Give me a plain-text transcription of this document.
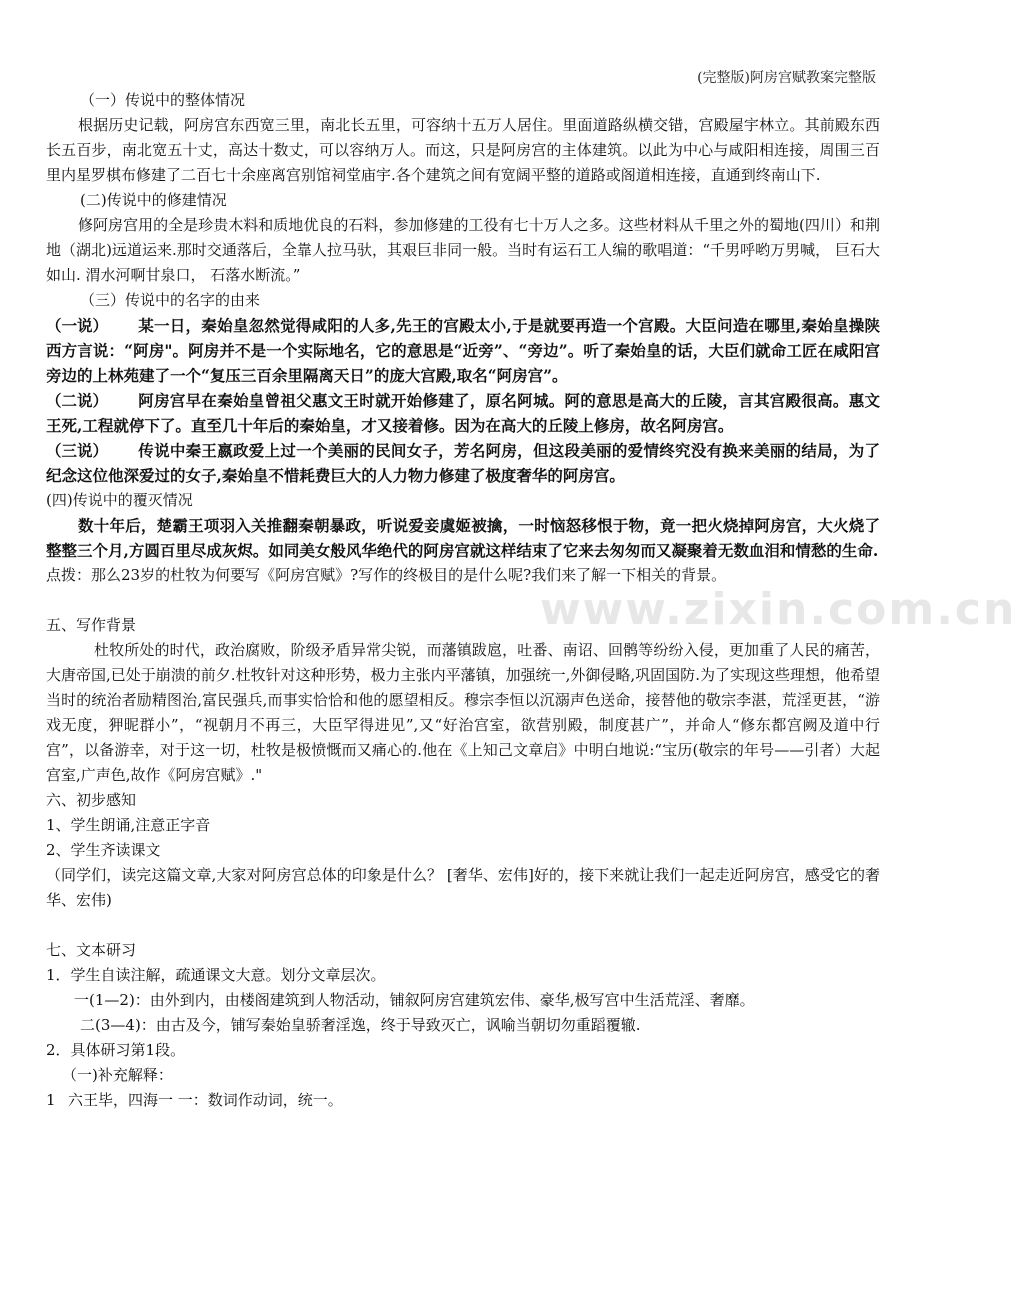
(完整版)阿房宫赋教案完整版
www.zixin.com.cn

（一）传说中的整体情况

根据历史记载，阿房宫东西宽三里，南北长五里，可容纳十五万人居住。里面道路纵横交错，宫殿屋宇林立。其前殿东西长五百步，南北宽五十丈，高达十数丈，可以容纳万人。而这，只是阿房宫的主体建筑。以此为中心与咸阳相连接，周围三百里内星罗棋布修建了二百七十余座离宫别馆祠堂庙宇.各个建筑之间有宽阔平整的道路或阁道相连接，直通到终南山下.

(二)传说中的修建情况

修阿房宫用的全是珍贵木料和质地优良的石料，参加修建的工役有七十万人之多。这些材料从千里之外的蜀地(四川）和荆地（湖北)远道运来.那时交通落后，全靠人拉马驮，其艰巨非同一般。当时有运石工人编的歌唱道：“千男呼哟万男喊， 巨石大如山. 渭水河啊甘泉口， 石落水断流。”

（三）传说中的名字的由来

（一说） 某一日，秦始皇忽然觉得咸阳的人多,先王的宫殿太小,于是就要再造一个宫殿。大臣问造在哪里,秦始皇操陕西方言说：“阿房"。阿房并不是一个实际地名，它的意思是“近旁”、“旁边”。听了秦始皇的话，大臣们就命工匠在咸阳宫旁边的上林苑建了一个“复压三百余里隔离天日”的庞大宫殿,取名“阿房宫”。

（二说） 阿房宫早在秦始皇曾祖父惠文王时就开始修建了，原名阿城。阿的意思是高大的丘陵，言其宫殿很高。惠文王死,工程就停下了。直至几十年后的秦始皇，才又接着修。因为在高大的丘陵上修房，故名阿房宫。

（三说） 传说中秦王嬴政爱上过一个美丽的民间女子，芳名阿房，但这段美丽的爱情终究没有换来美丽的结局，为了纪念这位他深爱过的女子,秦始皇不惜耗费巨大的人力物力修建了极度奢华的阿房宫。

(四)传说中的覆灭情况

数十年后，楚霸王项羽入关推翻秦朝暴政，听说爱妾虞姬被擒，一时恼怒移恨于物，竟一把火烧掉阿房宫，大火烧了整整三个月,方圆百里尽成灰烬。如同美女般风华绝代的阿房宫就这样结束了它来去匆匆而又凝聚着无数血泪和情愁的生命.

点拨：那么23岁的杜牧为何要写《阿房宫赋》?写作的终极目的是什么呢?我们来了解一下相关的背景。

五、写作背景

杜牧所处的时代，政治腐败，阶级矛盾异常尖锐，而藩镇跋扈，吐番、南诏、回鹘等纷纷入侵，更加重了人民的痛苦，大唐帝国,已处于崩溃的前夕.杜牧针对这种形势，极力主张内平藩镇，加强统一,外御侵略,巩固国防.为了实现这些理想，他希望当时的统治者励精图治,富民强兵,而事实恰恰和他的愿望相反。穆宗李恒以沉溺声色送命，接替他的敬宗李湛，荒淫更甚，“游戏无度，狎昵群小”，“视朝月不再三，大臣罕得进见”,又“好治宫室，欲营别殿，制度甚广”，并命人“修东都宫阙及道中行宫”，以备游幸，对于这一切，杜牧是极愤慨而又痛心的.他在《上知己文章启》中明白地说:“宝历(敬宗的年号——引者）大起宫室,广声色,故作《阿房宫赋》."

六、初步感知

1、学生朗诵,注意正字音

2、学生齐读课文

（同学们，读完这篇文章,大家对阿房宫总体的印象是什么？ [奢华、宏伟]好的，接下来就让我们一起走近阿房宫，感受它的奢华、宏伟)

七、文本研习

1．学生自读注解，疏通课文大意。划分文章层次。

一(1—2)：由外到内，由楼阁建筑到人物活动，铺叙阿房宫建筑宏伟、豪华,极写宫中生活荒淫、奢靡。

二(3—4)：由古及今，铺写秦始皇骄奢淫逸，终于导致灭亡，讽喻当朝切勿重蹈覆辙.

2．具体研习第1段。

（一)补充解释：

1 六王毕，四海一 一：数词作动词，统一。
